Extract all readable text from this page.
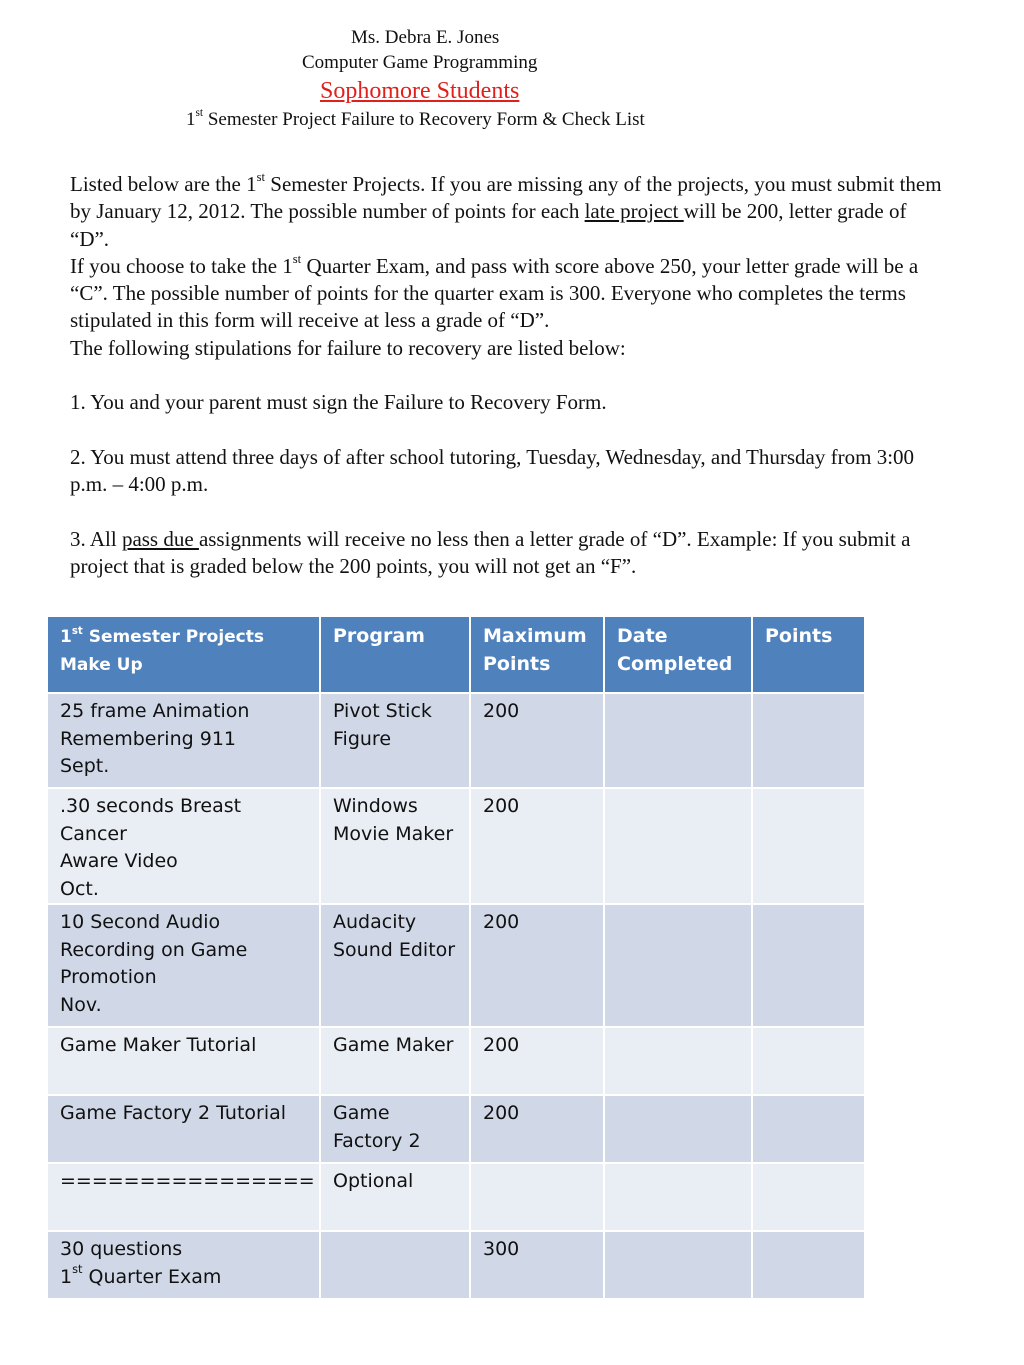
Ms. Debra E. Jones
Computer Game Programming
Sophomore Students
1st Semester Project Failure to Recovery Form & Check List

Listed below are the 1st Semester Projects. If you are missing any of the projects, you must submit them by January 12, 2012. The possible number of points for each late project will be 200, letter grade of “D”.

If you choose to take the 1st Quarter Exam, and pass with score above 250, your letter grade will be a “C”. The possible number of points for the quarter exam is 300. Everyone who completes the terms stipulated in this form will receive at less a grade of “D”.

The following stipulations for failure to recovery are listed below:

1. You and your parent must sign the Failure to Recovery Form.

2. You must attend three days of after school tutoring, Tuesday, Wednesday, and Thursday from 3:00 p.m. – 4:00 p.m.

3. All pass due assignments will receive no less then a letter grade of “D”. Example: If you submit a project that is graded below the 200 points, you will not get an “F”.

1st Semester Projects Make Up	Program	Maximum Points	Date Completed	Points

25 frame Animation
Remembering 911
Sept.	Pivot Stick
Figure	200		

.30 seconds Breast Cancer
Aware Video
Oct.	Windows
Movie Maker	200		

10 Second Audio
Recording on Game
Promotion
Nov.	Audacity
Sound Editor	200		

Game Maker Tutorial	Game Maker	200		

Game Factory 2 Tutorial	Game
Factory 2	200		

================	Optional			

30 questions
1st Quarter Exam		300		
